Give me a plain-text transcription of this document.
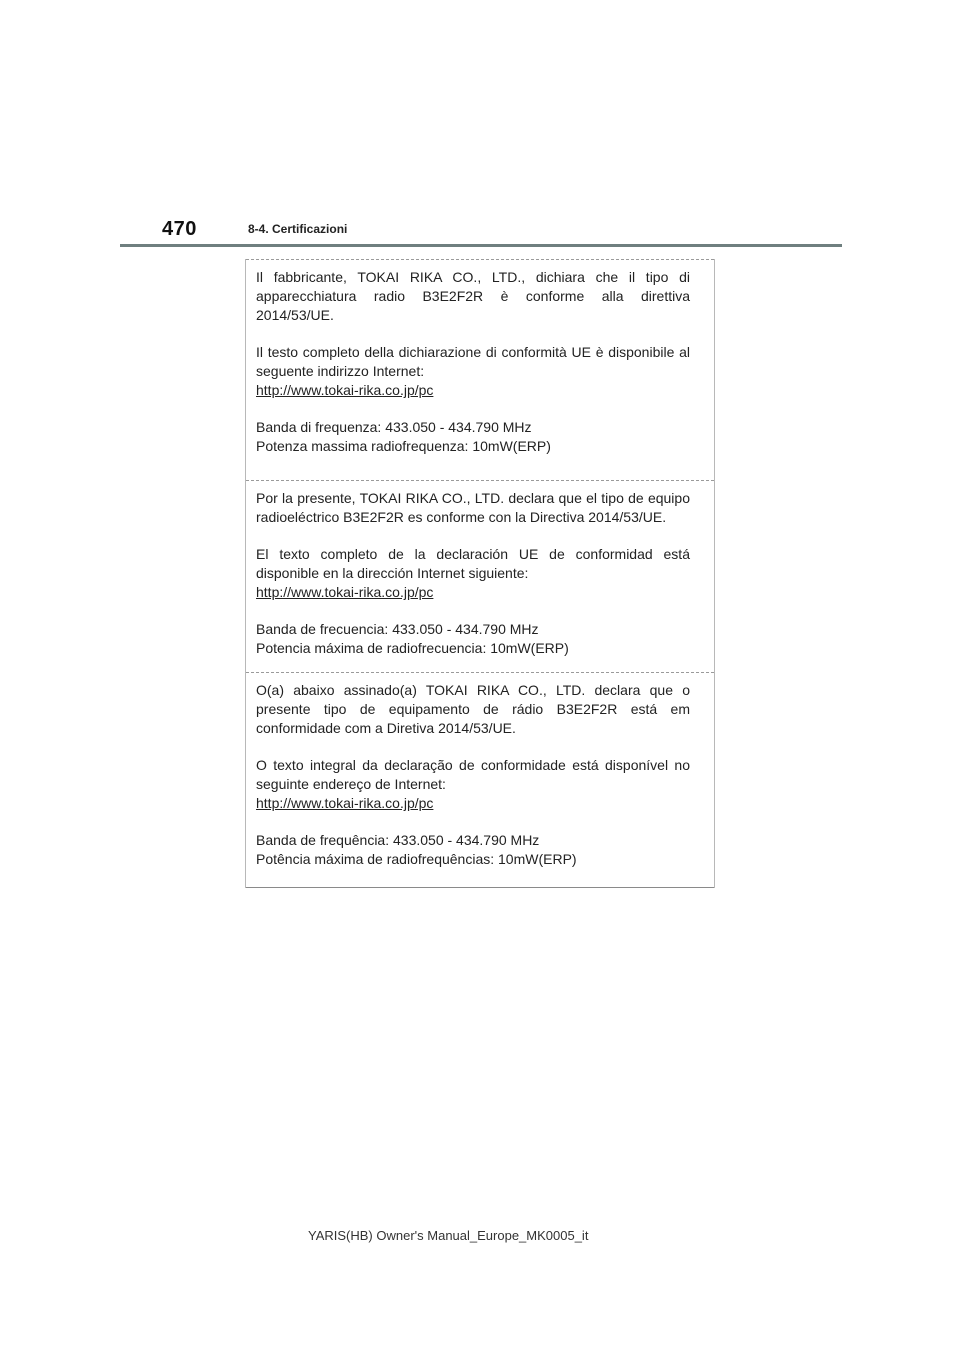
470	8-4. Certificazioni

Il fabbricante, TOKAI RIKA CO., LTD., dichiara che il tipo di apparecchiatura radio B3E2F2R è conforme alla direttiva 2014/53/UE.

Il testo completo della dichiarazione di conformità UE è disponibile al seguente indirizzo Internet:
http://www.tokai-rika.co.jp/pc

Banda di frequenza: 433.050 - 434.790 MHz
Potenza massima radiofrequenza: 10mW(ERP)

Por la presente, TOKAI RIKA CO., LTD. declara que el tipo de equipo radioeléctrico B3E2F2R es conforme con la Directiva 2014/53/UE.

El texto completo de la declaración UE de conformidad está disponible en la dirección Internet siguiente:
http://www.tokai-rika.co.jp/pc

Banda de frecuencia: 433.050 - 434.790 MHz
Potencia máxima de radiofrecuencia: 10mW(ERP)

O(a) abaixo assinado(a) TOKAI RIKA CO., LTD. declara que o presente tipo de equipamento de rádio B3E2F2R está em conformidade com a Diretiva 2014/53/UE.

O texto integral da declaração de conformidade está disponível no seguinte endereço de Internet:
http://www.tokai-rika.co.jp/pc

Banda de frequência: 433.050 - 434.790 MHz
Potência máxima de radiofrequências: 10mW(ERP)

YARIS(HB) Owner's Manual_Europe_MK0005_it
